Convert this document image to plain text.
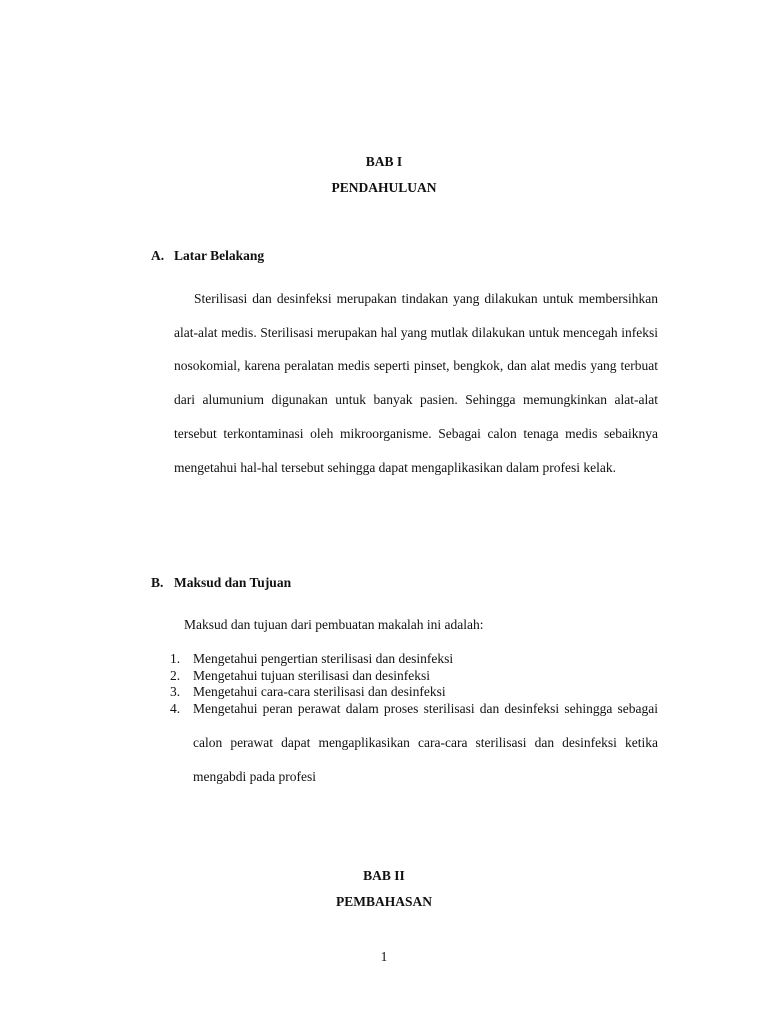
BAB I
PENDAHULUAN
A. Latar Belakang
Sterilisasi dan desinfeksi merupakan tindakan yang dilakukan untuk membersihkan alat-alat medis. Sterilisasi merupakan hal yang mutlak dilakukan untuk mencegah infeksi nosokomial, karena peralatan medis seperti pinset, bengkok, dan alat medis yang terbuat dari alumunium digunakan untuk banyak pasien. Sehingga memungkinkan alat-alat tersebut terkontaminasi oleh mikroorganisme. Sebagai calon tenaga medis sebaiknya mengetahui hal-hal tersebut sehingga dapat mengaplikasikan dalam profesi kelak.
B. Maksud dan Tujuan
Maksud dan tujuan dari pembuatan makalah ini adalah:
1. Mengetahui pengertian sterilisasi dan desinfeksi
2. Mengetahui tujuan sterilisasi dan desinfeksi
3. Mengetahui cara-cara sterilisasi dan desinfeksi
4. Mengetahui peran perawat dalam proses sterilisasi dan desinfeksi sehingga sebagai calon perawat dapat mengaplikasikan cara-cara sterilisasi dan desinfeksi ketika mengabdi pada profesi
BAB II
PEMBAHASAN
1
